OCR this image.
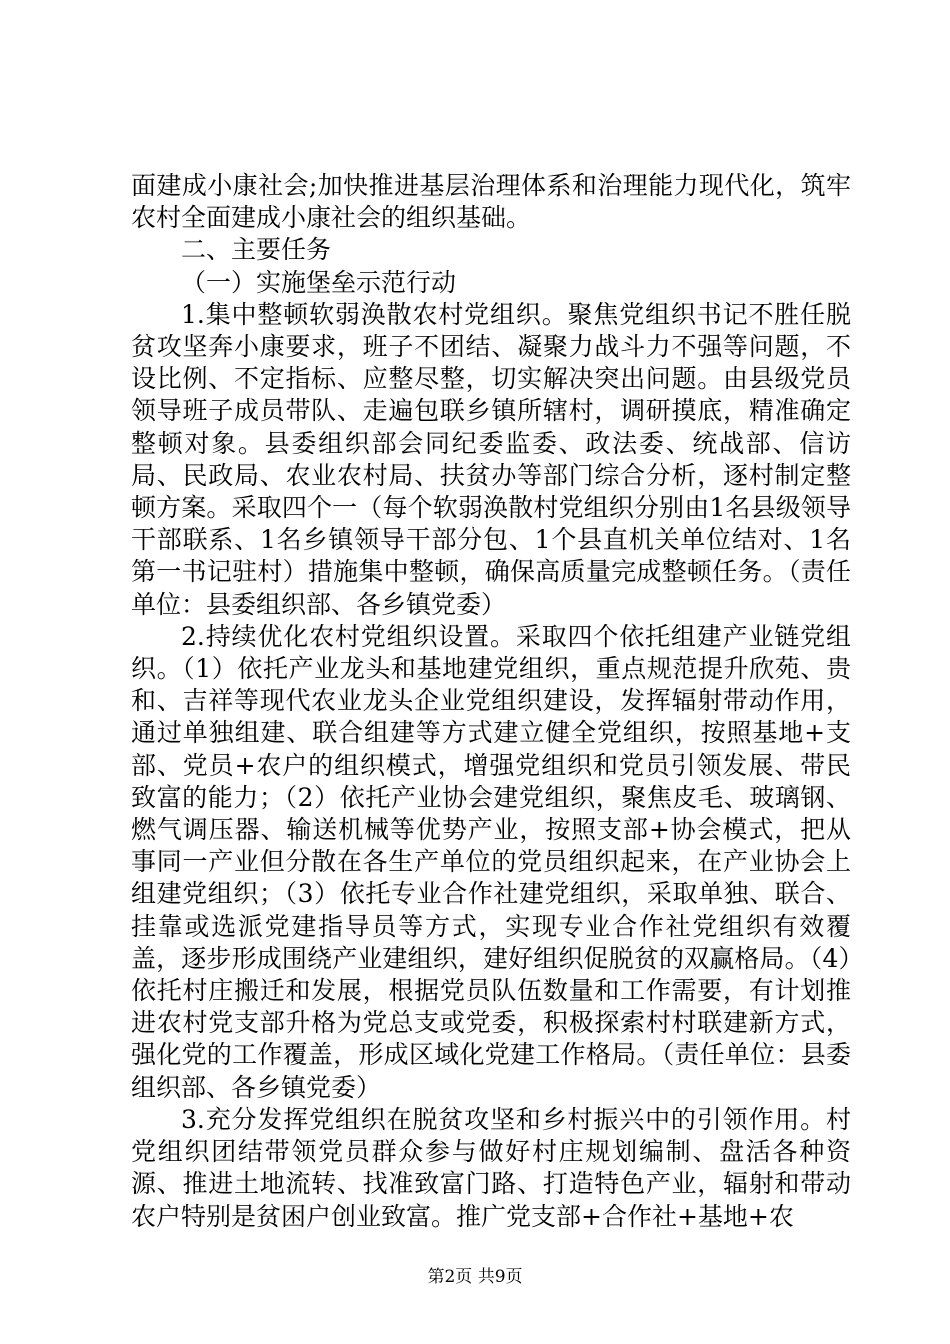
面建成小康社会;加快推进基层治理体系和治理能力现代化，筑牢农村全面建成小康社会的组织基础。

二、主要任务

（一）实施堡垒示范行动

1.集中整顿软弱涣散农村党组织。聚焦党组织书记不胜任脱贫攻坚奔小康要求，班子不团结、凝聚力战斗力不强等问题，不设比例、不定指标、应整尽整，切实解决突出问题。由县级党员领导班子成员带队、走遍包联乡镇所辖村，调研摸底，精准确定整顿对象。县委组织部会同纪委监委、政法委、统战部、信访局、民政局、农业农村局、扶贫办等部门综合分析，逐村制定整顿方案。采取四个一（每个软弱涣散村党组织分别由1名县级领导干部联系、1名乡镇领导干部分包、1个县直机关单位结对、1名第一书记驻村）措施集中整顿，确保高质量完成整顿任务。（责任单位：县委组织部、各乡镇党委）

2.持续优化农村党组织设置。采取四个依托组建产业链党组织。（1）依托产业龙头和基地建党组织，重点规范提升欣苑、贵和、吉祥等现代农业龙头企业党组织建设，发挥辐射带动作用，通过单独组建、联合组建等方式建立健全党组织，按照基地+支部、党员+农户的组织模式，增强党组织和党员引领发展、带民致富的能力；（2）依托产业协会建党组织，聚焦皮毛、玻璃钢、燃气调压器、输送机械等优势产业，按照支部+协会模式，把从事同一产业但分散在各生产单位的党员组织起来，在产业协会上组建党组织；（3）依托专业合作社建党组织，采取单独、联合、挂靠或选派党建指导员等方式，实现专业合作社党组织有效覆盖，逐步形成围绕产业建组织，建好组织促脱贫的双赢格局。（4）依托村庄搬迁和发展，根据党员队伍数量和工作需要，有计划推进农村党支部升格为党总支或党委，积极探索村村联建新方式，强化党的工作覆盖，形成区域化党建工作格局。（责任单位：县委组织部、各乡镇党委）

3.充分发挥党组织在脱贫攻坚和乡村振兴中的引领作用。村党组织团结带领党员群众参与做好村庄规划编制、盘活各种资源、推进土地流转、找准致富门路、打造特色产业，辐射和带动农户特别是贫困户创业致富。推广党支部+合作社+基地+农

第2页 共9页
